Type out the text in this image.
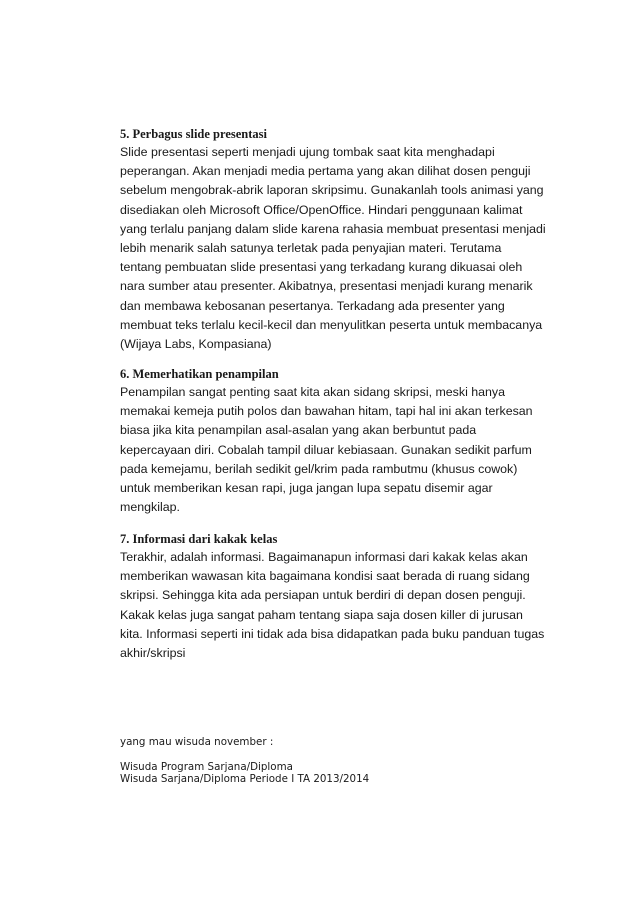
5. Perbagus slide presentasi
Slide presentasi seperti menjadi ujung tombak saat kita menghadapi
peperangan. Akan menjadi media pertama yang akan dilihat dosen penguji
sebelum mengobrak-abrik laporan skripsimu. Gunakanlah tools animasi yang
disediakan oleh Microsoft Office/OpenOffice. Hindari penggunaan kalimat
yang terlalu panjang dalam slide karena rahasia membuat presentasi menjadi
lebih menarik salah satunya terletak pada penyajian materi. Terutama
tentang pembuatan slide presentasi yang terkadang kurang dikuasai oleh
nara sumber atau presenter. Akibatnya, presentasi menjadi kurang menarik
dan membawa kebosanan pesertanya. Terkadang ada presenter yang
membuat teks terlalu kecil-kecil dan menyulitkan peserta untuk membacanya
(Wijaya Labs, Kompasiana)
6. Memerhatikan penampilan
Penampilan sangat penting saat kita akan sidang skripsi, meski hanya
memakai kemeja putih polos dan bawahan hitam, tapi hal ini akan terkesan
biasa jika kita penampilan asal-asalan yang akan berbuntut pada
kepercayaan diri. Cobalah tampil diluar kebiasaan. Gunakan sedikit parfum
pada kemejamu, berilah sedikit gel/krim pada rambutmu (khusus cowok)
untuk memberikan kesan rapi, juga jangan lupa sepatu disemir agar
mengkilap.
7. Informasi dari kakak kelas
Terakhir, adalah informasi. Bagaimanapun informasi dari kakak kelas akan
memberikan wawasan kita bagaimana kondisi saat berada di ruang sidang
skripsi. Sehingga kita ada persiapan untuk berdiri di depan dosen penguji.
Kakak kelas juga sangat paham tentang siapa saja dosen killer di jurusan
kita. Informasi seperti ini tidak ada bisa didapatkan pada buku panduan tugas
akhir/skripsi
yang mau wisuda november :
Wisuda Program Sarjana/Diploma
Wisuda Sarjana/Diploma Periode I TA 2013/2014
